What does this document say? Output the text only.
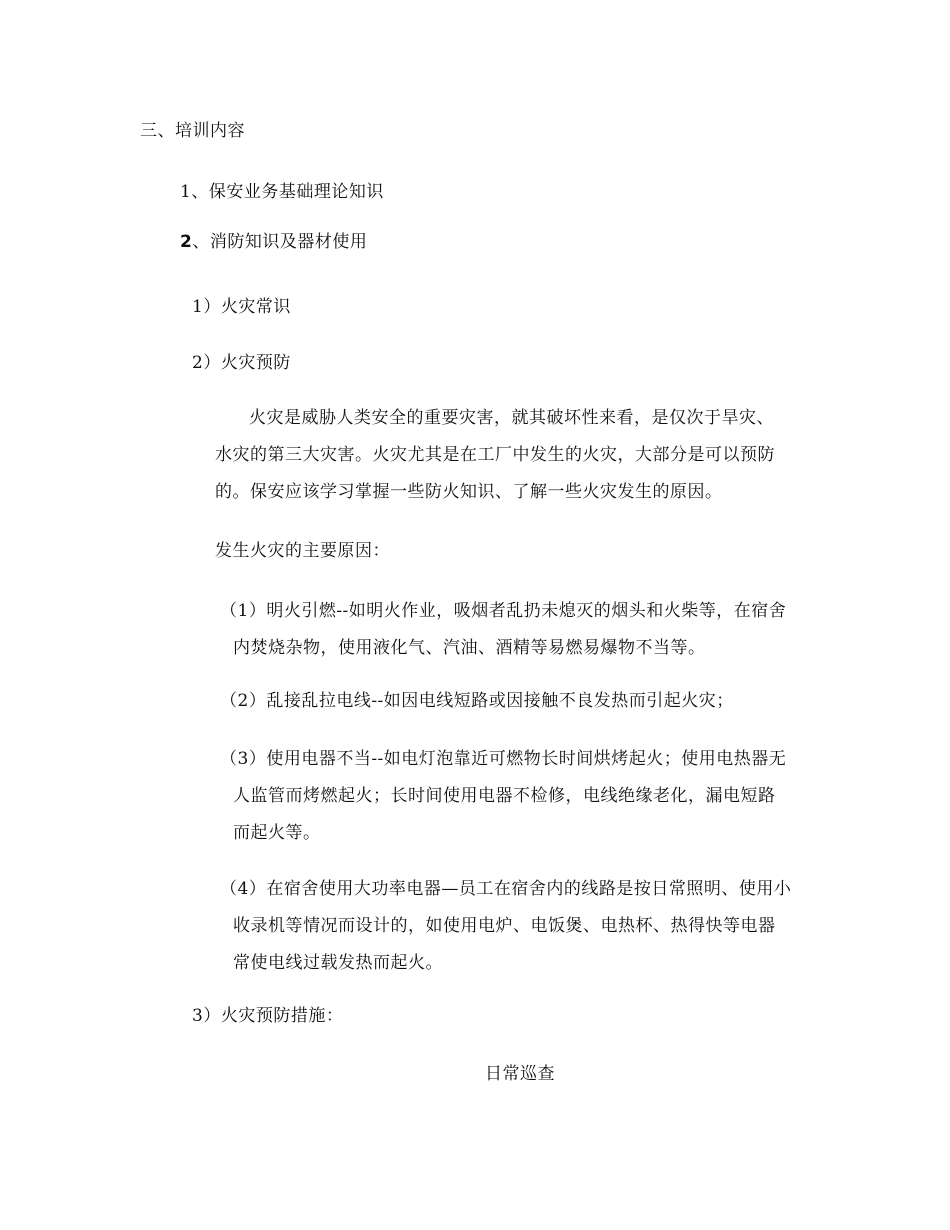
三、培训内容
1、保安业务基础理论知识
2、消防知识及器材使用
1）火灾常识
2）火灾预防
火灾是威胁人类安全的重要灾害，就其破坏性来看，是仅次于旱灾、
水灾的第三大灾害。火灾尤其是在工厂中发生的火灾，大部分是可以预防
的。保安应该学习掌握一些防火知识、了解一些火灾发生的原因。
发生火灾的主要原因：
（1）明火引燃--如明火作业，吸烟者乱扔未熄灭的烟头和火柴等，在宿舍
内焚烧杂物，使用液化气、汽油、酒精等易燃易爆物不当等。
（2）乱接乱拉电线--如因电线短路或因接触不良发热而引起火灾；
（3）使用电器不当--如电灯泡靠近可燃物长时间烘烤起火；使用电热器无
人监管而烤燃起火；长时间使用电器不检修，电线绝缘老化，漏电短路
而起火等。
（4）在宿舍使用大功率电器—员工在宿舍内的线路是按日常照明、使用小
收录机等情况而设计的，如使用电炉、电饭煲、电热杯、热得快等电器
常使电线过载发热而起火。
3）火灾预防措施：
日常巡查
